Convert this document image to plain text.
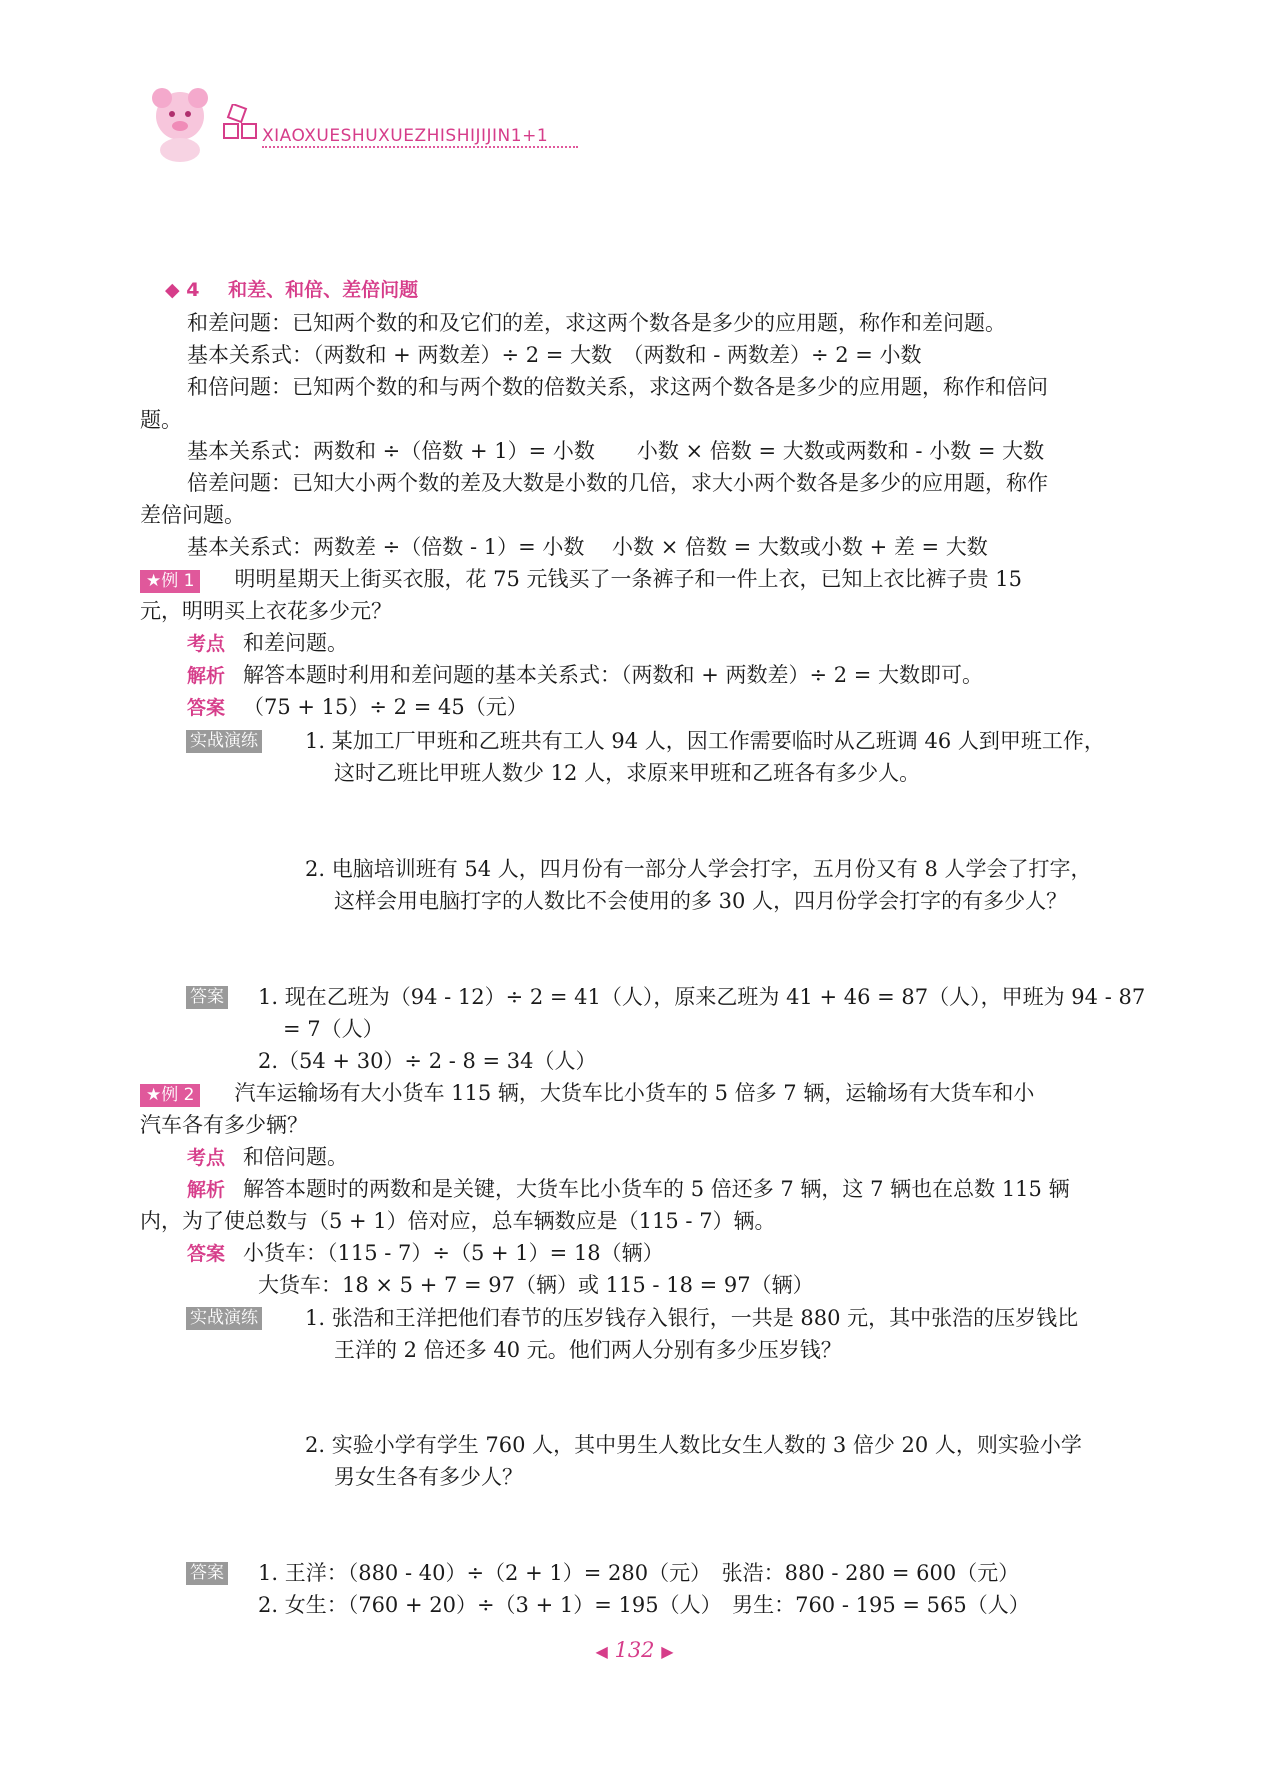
XIAOXUESHUXUEZHISHIJIJIN1+1
◆ 4 和差、和倍、差倍问题
和差问题：已知两个数的和及它们的差，求这两个数各是多少的应用题，称作和差问题。
基本关系式：（两数和 + 两数差）÷ 2 = 大数　（两数和 - 两数差）÷ 2 = 小数
和倍问题：已知两个数的和与两个数的倍数关系，求这两个数各是多少的应用题，称作和倍问
题。
基本关系式：两数和 ÷（倍数 + 1）= 小数　　小数 × 倍数 = 大数或两数和 - 小数 = 大数
倍差问题：已知大小两个数的差及大数是小数的几倍，求大小两个数各是多少的应用题，称作
差倍问题。
基本关系式：两数差 ÷（倍数 - 1）= 小数　 小数 × 倍数 = 大数或小数 + 差 = 大数
★例 1 明明星期天上街买衣服，花 75 元钱买了一条裤子和一件上衣，已知上衣比裤子贵 15
元，明明买上衣花多少元？
考点 和差问题。
解析 解答本题时利用和差问题的基本关系式：（两数和 + 两数差）÷ 2 = 大数即可。
答案 （75 + 15）÷ 2 = 45（元）
实战演练 1. 某加工厂甲班和乙班共有工人 94 人，因工作需要临时从乙班调 46 人到甲班工作，
这时乙班比甲班人数少 12 人，求原来甲班和乙班各有多少人。
2. 电脑培训班有 54 人，四月份有一部分人学会打字，五月份又有 8 人学会了打字，
这样会用电脑打字的人数比不会使用的多 30 人，四月份学会打字的有多少人？
答案 1. 现在乙班为（94 - 12）÷ 2 = 41（人），原来乙班为 41 + 46 = 87（人），甲班为 94 - 87
= 7（人）
2.（54 + 30）÷ 2 - 8 = 34（人）
★例 2 汽车运输场有大小货车 115 辆，大货车比小货车的 5 倍多 7 辆，运输场有大货车和小
汽车各有多少辆？
考点 和倍问题。
解析 解答本题时的两数和是关键，大货车比小货车的 5 倍还多 7 辆，这 7 辆也在总数 115 辆
内，为了使总数与（5 + 1）倍对应，总车辆数应是（115 - 7）辆。
答案 小货车：（115 - 7）÷（5 + 1）= 18（辆）
大货车：18 × 5 + 7 = 97（辆）或 115 - 18 = 97（辆）
实战演练 1. 张浩和王洋把他们春节的压岁钱存入银行，一共是 880 元，其中张浩的压岁钱比
王洋的 2 倍还多 40 元。他们两人分别有多少压岁钱？
2. 实验小学有学生 760 人，其中男生人数比女生人数的 3 倍少 20 人，则实验小学
男女生各有多少人？
答案 1. 王洋：（880 - 40）÷（2 + 1）= 280（元）　张浩：880 - 280 = 600（元）
2. 女生：（760 + 20）÷（3 + 1）= 195（人）　男生：760 - 195 = 565（人）
◀ 132 ▶
